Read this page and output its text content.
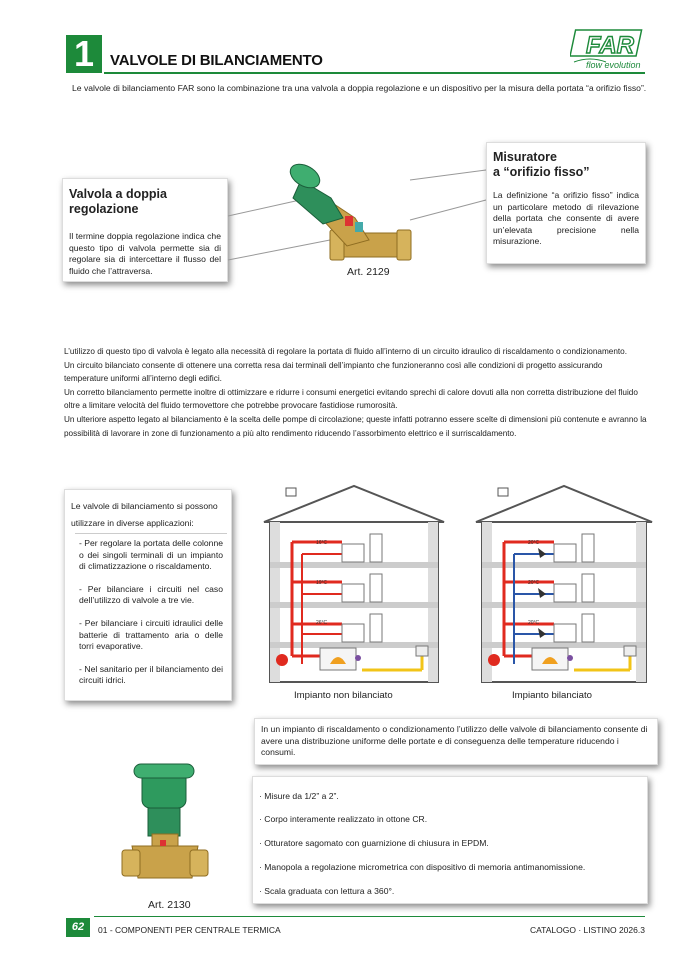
1	VALVOLE DI BILANCIAMENTO
FAR
flow evolution
Le valvole di bilanciamento FAR sono la combinazione tra una valvola a doppia regolazione e un dispositivo per la misura della portata “a orifizio fisso”.
Valvola a doppia
regolazione

Il termine doppia regolazione indica che questo tipo di valvola permette sia di regolare sia di intercettare il flusso del fluido che l’attraversa.	Art. 2129
Misuratore
a “orifizio fisso”

La definizione “a orifizio fisso” indica un particolare metodo di rilevazione della portata che consente di avere un’elevata precisione nella misurazione.

L’utilizzo di questo tipo di valvola è legato alla necessità di regolare la portata di fluido all’interno di un circuito idraulico di riscaldamento o condizionamento.

Un circuito bilanciato consente di ottenere una corretta resa dai terminali dell’impianto che funzioneranno così alle condizioni di progetto assicurando temperature uniformi all’interno degli edifici.

Un corretto bilanciamento permette inoltre di ottimizzare e ridurre i consumi energetici evitando sprechi di calore dovuti alla non corretta distribuzione del fluido oltre a limitare velocità del fluido termovettore che potrebbe provocare fastidiose rumorosità.

Un ulteriore aspetto legato al bilanciamento è la scelta delle pompe di circolazione; queste infatti potranno essere scelte di dimensioni più contenute e avranno la possibilità di lavorare in zone di funzionamento a più alto rendimento riducendo l’assorbimento elettrico e il surriscaldamento.

Le valvole di bilanciamento si possono utilizzare in diverse applicazioni:
- Per regolare la portata delle colonne o dei singoli terminali di un impianto di climatizzazione o riscaldamento.
- Per bilanciare i circuiti nel caso dell’utilizzo di valvole a tre vie.
- Per bilanciare i circuiti idraulici delle batterie di trattamento aria o delle torri evaporative.
- Nel sanitario per il bilanciamento dei circuiti idrici.
16°C
19°C
26°C
Impianto non bilanciato
20°C
20°C
20°C
Impianto bilanciato
In un impianto di riscaldamento o condizionamento l’utilizzo delle valvole di bilanciamento consente di avere una distribuzione uniforme delle portate e di conseguenza delle temperature riducendo i consumi.
Art. 2130
· Misure da 1/2” a 2”.
· Corpo interamente realizzato in ottone CR.
· Otturatore sagomato con guarnizione di chiusura in EPDM.
· Manopola a regolazione micrometrica con dispositivo di memoria antimanomissione.
· Scala graduata con lettura a 360°.
62	01 - COMPONENTI PER CENTRALE TERMICA	CATALOGO · LISTINO 2026.3
